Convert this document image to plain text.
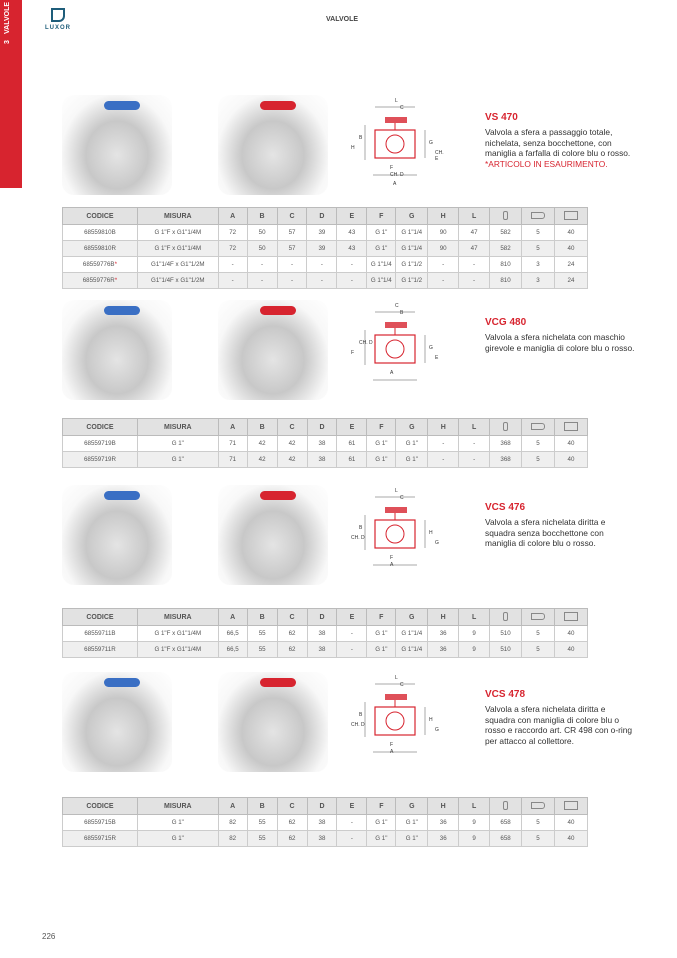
3
VALVOLE	LUXOR
VALVOLE
L
C
B
H
G
CH. E
F
CH. D
A
VS 470
Valvola a sfera a passaggio totale, nichelata, senza bocchettone, con maniglia a farfalla di colore blu o rosso.
*ARTICOLO IN ESAURIMENTO.
CODICE	MISURA	A	B	C	D	E	F	G	H	L			
68559810B	G 1"F x G1"1/4M	72	50	57	39	43	G 1"	G 1"1/4	90	47	582	5	40
68559810R	G 1"F x G1"1/4M	72	50	57	39	43	G 1"	G 1"1/4	90	47	582	5	40
68559776B*	G1"1/4F x G1"1/2M	-	-	-	-	-	G 1"1/4	G 1"1/2	-	-	810	3	24
68559776R*	G1"1/4F x G1"1/2M	-	-	-	-	-	G 1"1/4	G 1"1/2	-	-	810	3	24
C
B
CH. D
F
G
E
A
VCG 480
Valvola a sfera nichelata con maschio girevole e maniglia di colore blu o rosso.
CODICE	MISURA	A	B	C	D	E	F	G	H	L			
68559719B	G 1"	71	42	42	38	61	G 1"	G 1"	-	-	368	5	40
68559719R	G 1"	71	42	42	38	61	G 1"	G 1"	-	-	368	5	40
L
C
B
CH. D
H
G
F
A
VCS 476
Valvola a sfera nichelata diritta e squadra senza bocchettone con maniglia di colore blu o rosso.
CODICE	MISURA	A	B	C	D	E	F	G	H	L			
68559711B	G 1"F x G1"1/4M	66,5	55	62	38	-	G 1"	G 1"1/4	36	9	510	5	40
68559711R	G 1"F x G1"1/4M	66,5	55	62	38	-	G 1"	G 1"1/4	36	9	510	5	40
L
C
B
CH. D
H
G
F
A
VCS 478
Valvola a sfera nichelata diritta e squadra con maniglia di colore blu o rosso e raccordo art. CR 498 con o-ring per attacco al collettore.
CODICE	MISURA	A	B	C	D	E	F	G	H	L			
68559715B	G 1"	82	55	62	38	-	G 1"	G 1"	36	9	658	5	40
68559715R	G 1"	82	55	62	38	-	G 1"	G 1"	36	9	658	5	40
226
